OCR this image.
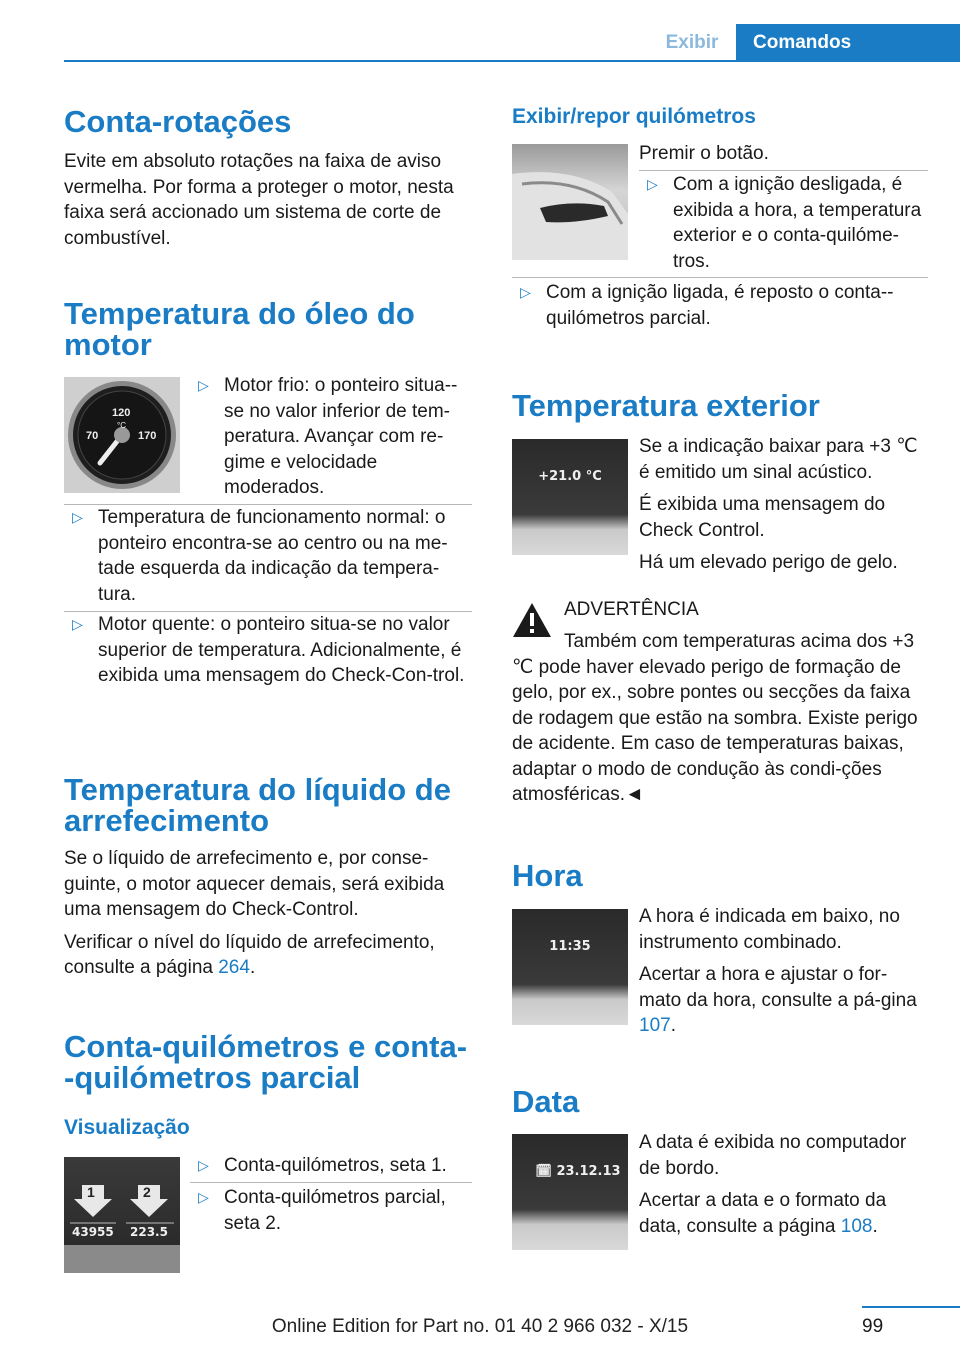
Exibir	Comandos
Conta-rotações

Evite em absoluto rotações na faixa de aviso vermelha. Por forma a proteger o motor, nesta faixa será accionado um sistema de corte de combustível.

Temperatura do óleo do
motor
120
°C
70	170
▷ Motor frio: o ponteiro situa--se no valor inferior de tem-peratura. Avançar com re-gime e velocidade moderados.
▷ Temperatura de funcionamento normal: o ponteiro encontra-se ao centro ou na me-tade esquerda da indicação da tempera-tura.
▷ Motor quente: o ponteiro situa-se no valor superior de temperatura. Adicionalmente, é exibida uma mensagem do Check-Con-trol.
Temperatura do líquido de
arrefecimento

Se o líquido de arrefecimento e, por conse-guinte, o motor aquecer demais, será exibida uma mensagem do Check-Control.

Verificar o nível do líquido de arrefecimento, consulte a página 264.

Conta-quilómetros e conta-
-quilómetros parcial
Visualização
1	2
43955 223.5
▷ Conta-quilómetros, seta 1.
▷ Conta-quilómetros parcial, seta 2.
Exibir/repor quilómetros

Premir o botão.

▷ Com a ignição desligada, é exibida a hora, a temperatura exterior e o conta-quilóme-tros.
▷ Com a ignição ligada, é reposto o conta--quilómetros parcial.
Temperatura exterior
+21.0 °C

Se a indicação baixar para +3 ℃ é emitido um sinal acústico.

É exibida uma mensagem do Check Control.

Há um elevado perigo de gelo.

ADVERTÊNCIA

Também com temperaturas acima dos +3 ℃ pode haver elevado perigo de formação de gelo, por ex., sobre pontes ou secções da faixa de rodagem que estão na sombra. Existe perigo de acidente. Em caso de temperaturas baixas, adaptar o modo de condução às condi-ções atmosféricas.◄

Hora
11:35

A hora é indicada em baixo, no instrumento combinado.

Acertar a hora e ajustar o for-mato da hora, consulte a pá-gina 107.

Data
🗓︎ 23.12.13

A data é exibida no computador de bordo.

Acertar a data e o formato da data, consulte a página 108.

99
Online Edition for Part no. 01 40 2 966 032 - X/15
